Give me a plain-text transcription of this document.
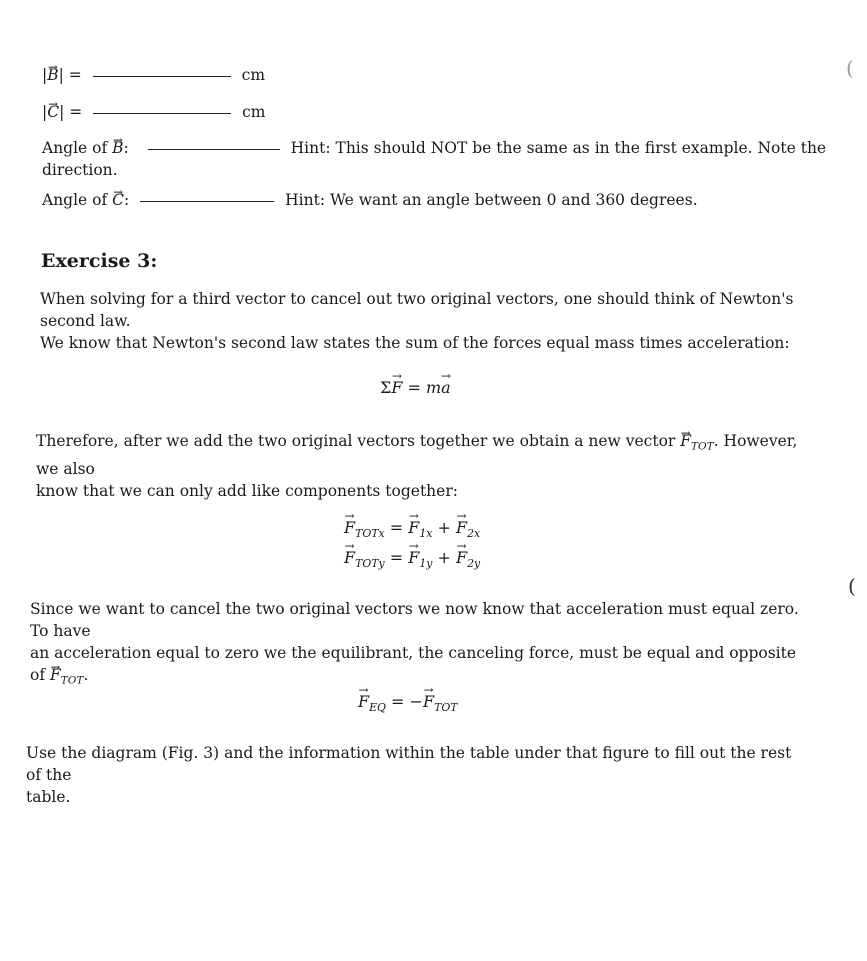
|→ B| =	cm
|→ C| =	cm
Angle of → B:	Hint: This should NOT be the same as in the first example. Note the
direction.
Angle of → C:	Hint: We want an angle between 0 and 360 degrees.
Exercise 3:
When solving for a third vector to cancel out two original vectors, one should think of Newton's second law.
We know that Newton's second law states the sum of the forces equal mass times acceleration:
Σ→ F = m→ a
Therefore, after we add the two original vectors together we obtain a new vector → $F_{TOT}$. However, we also
know that we can only add like components together:
→ $F_{TOTx}$ = → $F_{1x}$ + → $F_{2x}$
→ $F_{TOTy}$ = → $F_{1y}$ + → $F_{2y}$
Since we want to cancel the two original vectors we now know that acceleration must equal zero. To have
an acceleration equal to zero we the equilibrant, the canceling force, must be equal and opposite of → $F_{TOT}$.
→ $F_{EQ}$ = −→ $F_{TOT}$
Use the diagram (Fig. 3) and the information within the table under that figure to fill out the rest of the
table.
(
(
